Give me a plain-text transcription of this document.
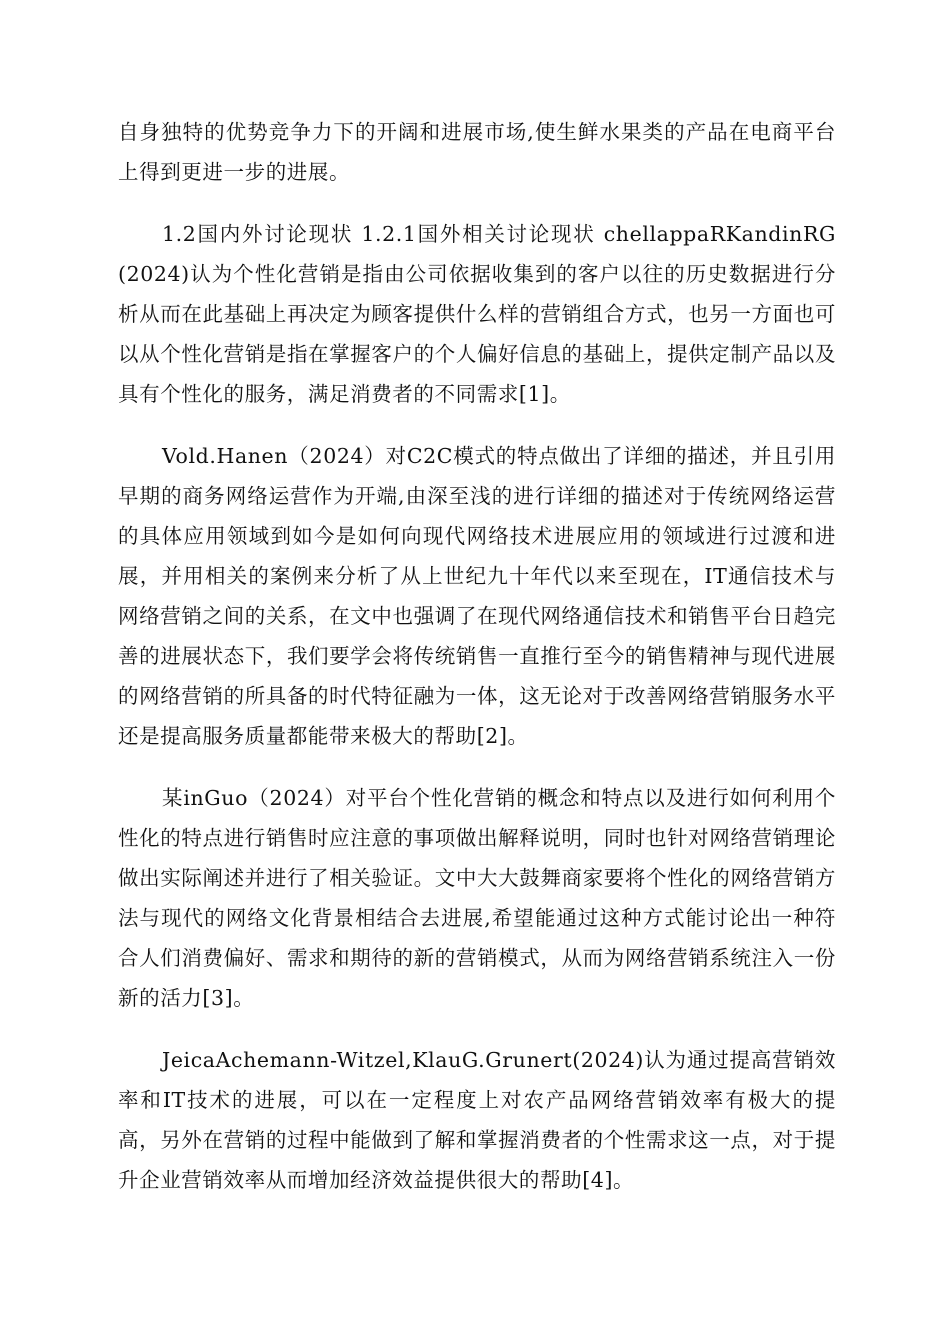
自身独特的优势竞争力下的开阔和进展市场,使生鲜水果类的产品在电商平台上得到更进一步的进展。

1.2国内外讨论现状 1.2.1国外相关讨论现状 chellappaRKandinRG(2024)认为个性化营销是指由公司依据收集到的客户以往的历史数据进行分析从而在此基础上再决定为顾客提供什么样的营销组合方式，也另一方面也可以从个性化营销是指在掌握客户的个人偏好信息的基础上，提供定制产品以及具有个性化的服务，满足消费者的不同需求[1]。

Vold.Hanen（2024）对C2C模式的特点做出了详细的描述，并且引用早期的商务网络运营作为开端,由深至浅的进行详细的描述对于传统网络运营的具体应用领域到如今是如何向现代网络技术进展应用的领域进行过渡和进展，并用相关的案例来分析了从上世纪九十年代以来至现在，IT通信技术与网络营销之间的关系，在文中也强调了在现代网络通信技术和销售平台日趋完善的进展状态下，我们要学会将传统销售一直推行至今的销售精神与现代进展的网络营销的所具备的时代特征融为一体，这无论对于改善网络营销服务水平还是提高服务质量都能带来极大的帮助[2]。

某inGuo（2024）对平台个性化营销的概念和特点以及进行如何利用个性化的特点进行销售时应注意的事项做出解释说明，同时也针对网络营销理论做出实际阐述并进行了相关验证。文中大大鼓舞商家要将个性化的网络营销方法与现代的网络文化背景相结合去进展,希望能通过这种方式能讨论出一种符合人们消费偏好、需求和期待的新的营销模式，从而为网络营销系统注入一份新的活力[3]。

JeicaAchemann-Witzel,KlauG.Grunert(2024)认为通过提高营销效率和IT技术的进展，可以在一定程度上对农产品网络营销效率有极大的提高，另外在营销的过程中能做到了解和掌握消费者的个性需求这一点，对于提升企业营销效率从而增加经济效益提供很大的帮助[4]。
